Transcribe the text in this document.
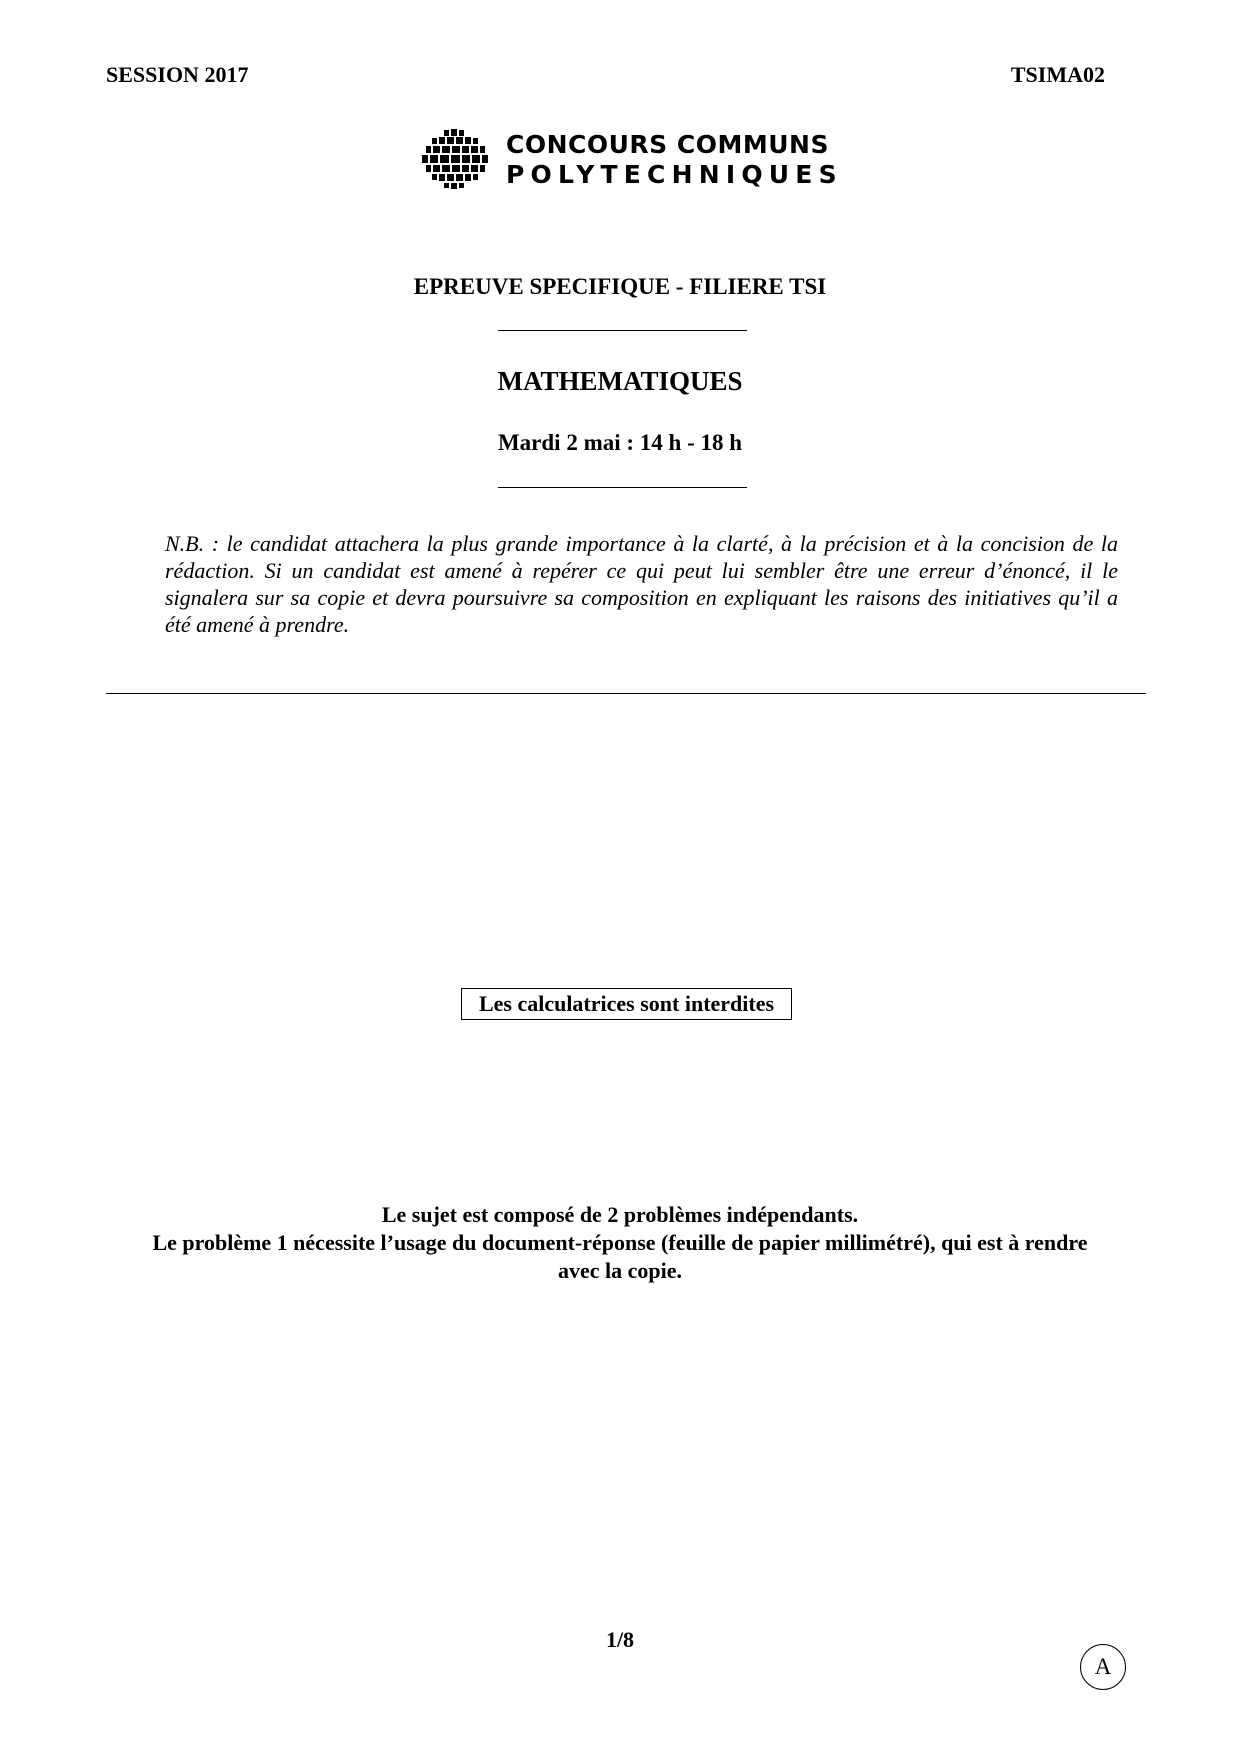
SESSION 2017	TSIMA02
CONCOURS COMMUNS
POLYTECHNIQUES
EPREUVE SPECIFIQUE - FILIERE TSI
MATHEMATIQUES
Mardi 2 mai : 14 h - 18 h
N.B. : le candidat attachera la plus grande importance à la clarté, à la précision et à la concision de la rédaction. Si un candidat est amené à repérer ce qui peut lui sembler être une erreur d’énoncé, il le signalera sur sa copie et devra poursuivre sa composition en expliquant les raisons des initiatives qu’il a été amené à prendre.
Les calculatrices sont interdites
Le sujet est composé de 2 problèmes indépendants.
Le problème 1 nécessite l’usage du document-réponse (feuille de papier millimétré), qui est à rendre
avec la copie.
1/8
A
